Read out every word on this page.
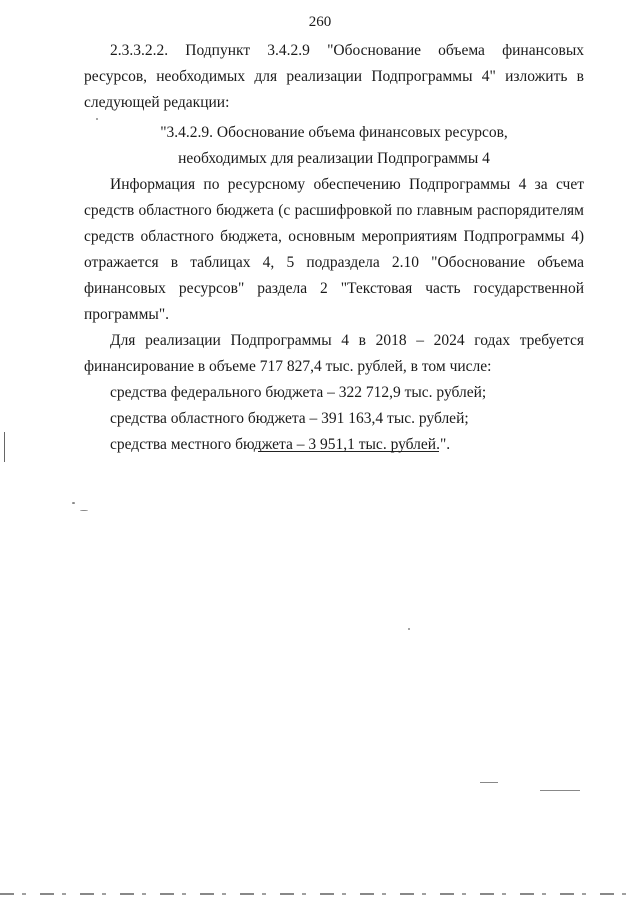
260

2.3.3.2.2. Подпункт 3.4.2.9 "Обоснование объема финансовых ресурсов, необходимых для реализации Подпрограммы 4" изложить в следующей редакции:

"3.4.2.9. Обоснование объема финансовых ресурсов,

необходимых для реализации Подпрограммы 4

Информация по ресурсному обеспечению Подпрограммы 4 за счет средств областного бюджета (с расшифровкой по главным распорядителям средств областного бюджета, основным мероприятиям Подпрограммы 4) отражается в таблицах 4, 5 подраздела 2.10 "Обоснование объема финансовых ресурсов" раздела 2 "Текстовая часть государственной программы".

Для реализации Подпрограммы 4 в 2018 – 2024 годах требуется финансирование в объеме 717 827,4 тыс. рублей, в том числе:

средства федерального бюджета – 322 712,9 тыс. рублей;

средства областного бюджета – 391 163,4 тыс. рублей;

средства местного бюджета – 3 951,1 тыс. рублей.".
